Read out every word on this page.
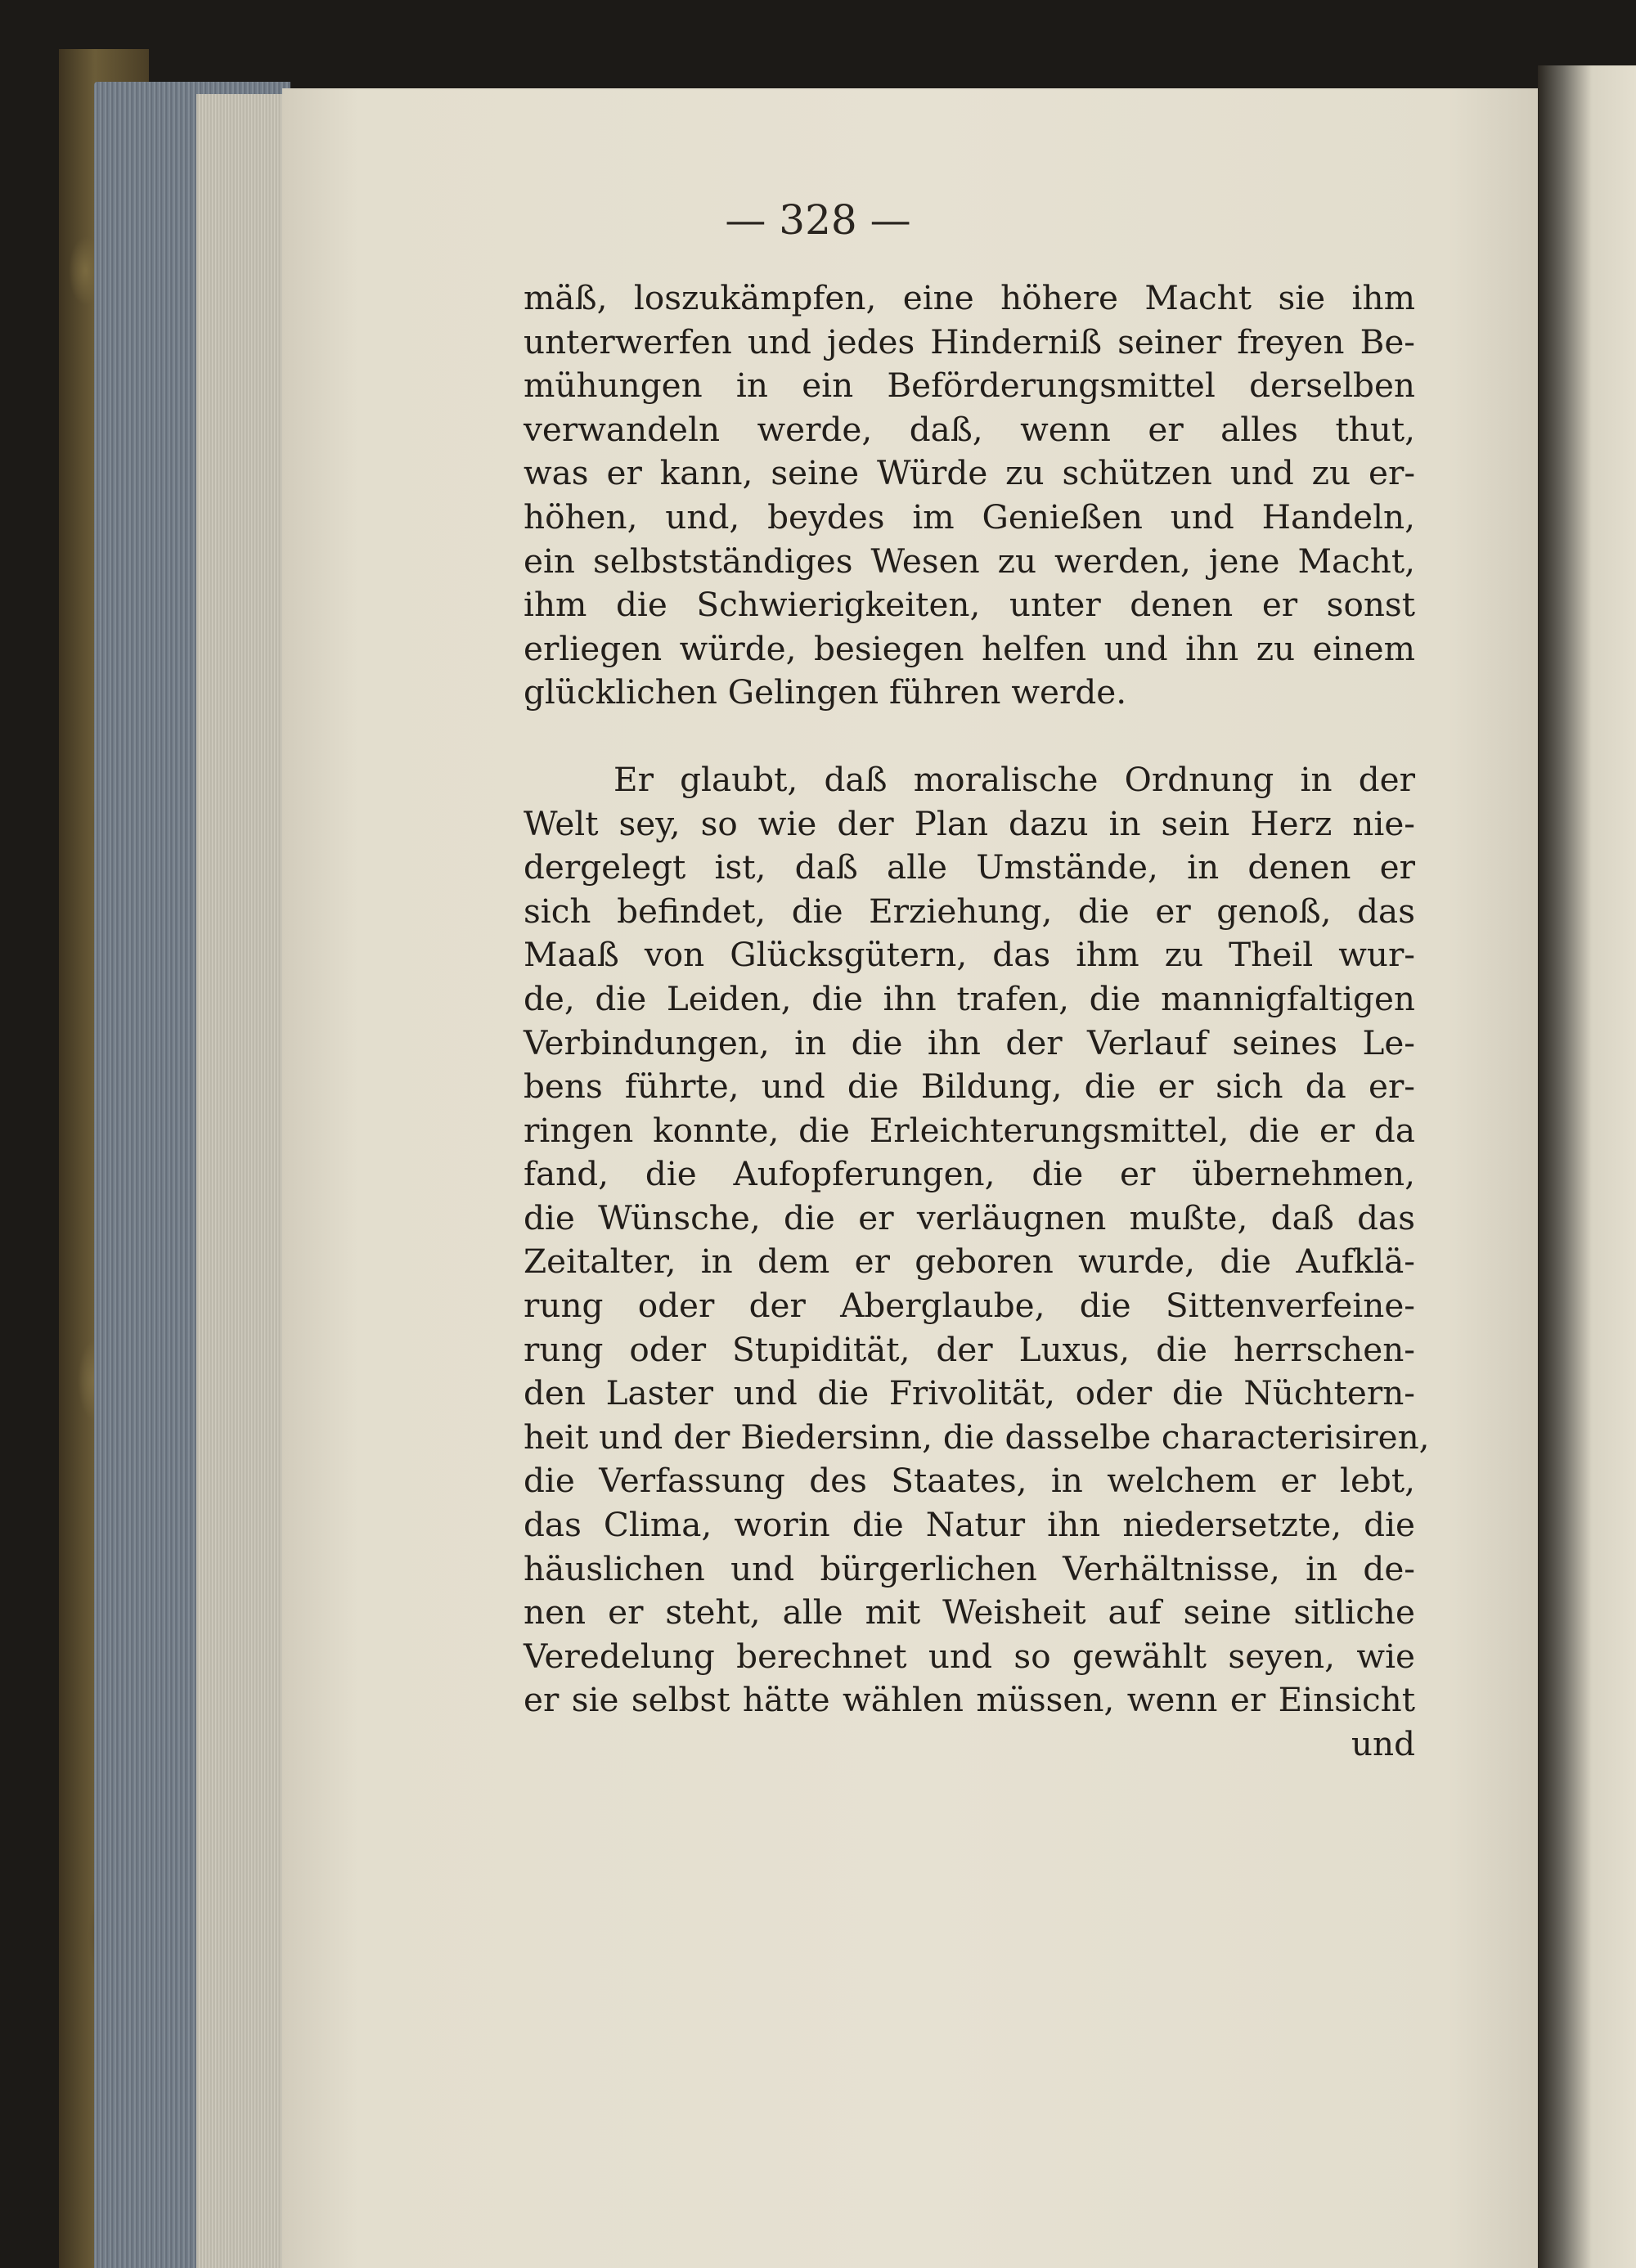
— 328 —
mäß, loszukämpfen, eine höhere Macht sie ihm
unterwerfen und jedes Hinderniß seiner freyen Be-
mühungen in ein Beförderungsmittel derselben
verwandeln werde, daß, wenn er alles thut,
was er kann, seine Würde zu schützen und zu er-
höhen, und, beydes im Genießen und Handeln,
ein selbstständiges Wesen zu werden, jene Macht,
ihm die Schwierigkeiten, unter denen er sonst
erliegen würde, besiegen helfen und ihn zu einem
glücklichen Gelingen führen werde.
Er glaubt, daß moralische Ordnung in der
Welt sey, so wie der Plan dazu in sein Herz nie-
dergelegt ist, daß alle Umstände, in denen er
sich befindet, die Erziehung, die er genoß, das
Maaß von Glücksgütern, das ihm zu Theil wur-
de, die Leiden, die ihn trafen, die mannigfaltigen
Verbindungen, in die ihn der Verlauf seines Le-
bens führte, und die Bildung, die er sich da er-
ringen konnte, die Erleichterungsmittel, die er da
fand, die Aufopferungen, die er übernehmen,
die Wünsche, die er verläugnen mußte, daß das
Zeitalter, in dem er geboren wurde, die Aufklä-
rung oder der Aberglaube, die Sittenverfeine-
rung oder Stupidität, der Luxus, die herrschen-
den Laster und die Frivolität, oder die Nüchtern-
heit und der Biedersinn, die dasselbe characterisiren,
die Verfassung des Staates, in welchem er lebt,
das Clima, worin die Natur ihn niedersetzte, die
häuslichen und bürgerlichen Verhältnisse, in de-
nen er steht, alle mit Weisheit auf seine sitliche
Veredelung berechnet und so gewählt seyen, wie
er sie selbst hätte wählen müssen, wenn er Einsicht
und
